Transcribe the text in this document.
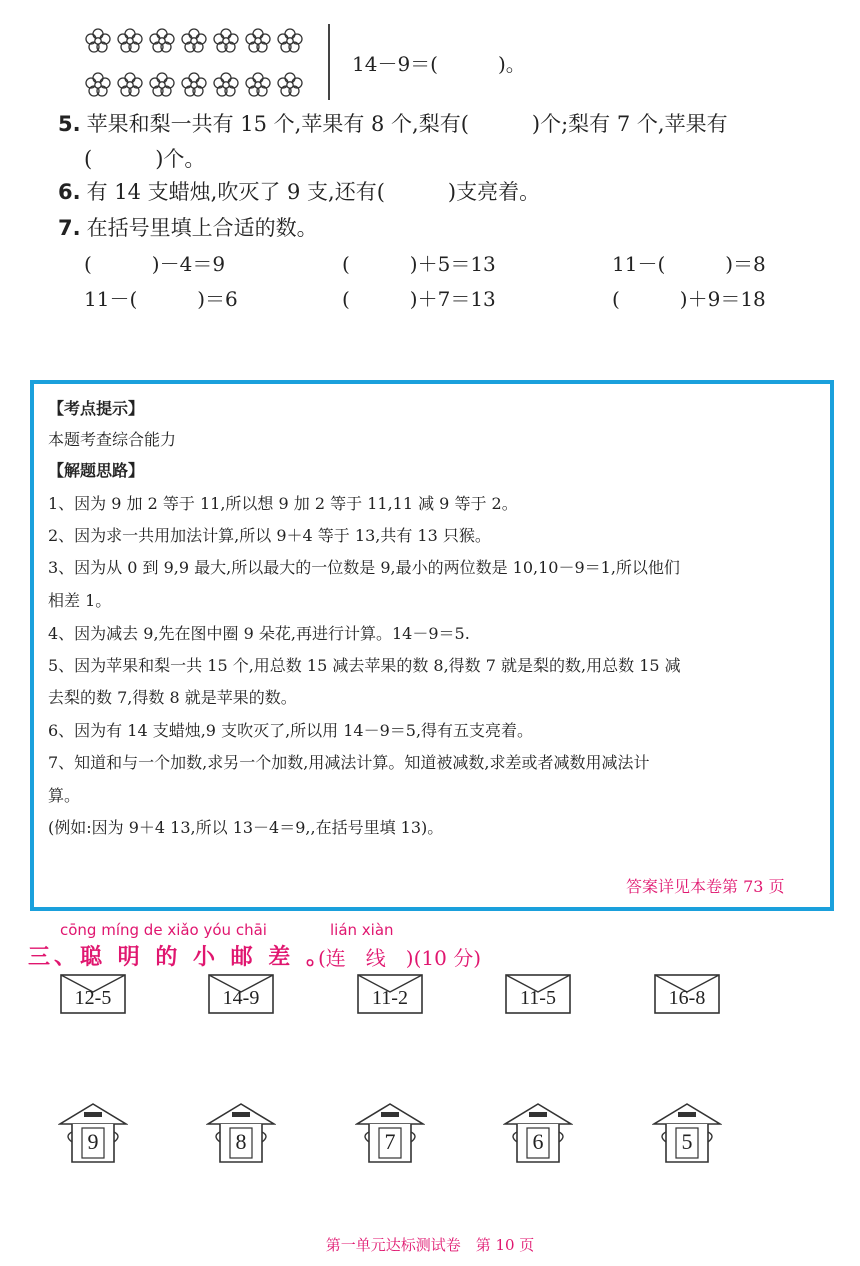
14－9＝(　　　)。
5. 苹果和梨一共有 15 个,苹果有 8 个,梨有(　　　)个;梨有 7 个,苹果有
(　　　)个。
6. 有 14 支蜡烛,吹灭了 9 支,还有(　　　)支亮着。
7. 在括号里填上合适的数。
(　　　)－4＝9	(　　　)＋5＝13	11－(　　　)＝8
11－(　　　)＝6	(　　　)＋7＝13	(　　　)＋9＝18
【考点提示】
本题考查综合能力
【解题思路】
1、因为 9 加 2 等于 11,所以想 9 加 2 等于 11,11 减 9 等于 2。
2、因为求一共用加法计算,所以 9＋4 等于 13,共有 13 只猴。
3、因为从 0 到 9,9 最大,所以最大的一位数是 9,最小的两位数是 10,10－9＝1,所以他们
相差 1。
4、因为减去 9,先在图中圈 9 朵花,再进行计算。14－9＝5.
5、因为苹果和梨一共 15 个,用总数 15 减去苹果的数 8,得数 7 就是梨的数,用总数 15 减
去梨的数 7,得数 8 就是苹果的数。
6、因为有 14 支蜡烛,9 支吹灭了,所以用 14－9＝5,得有五支亮着。
7、知道和与一个加数,求另一个加数,用减法计算。知道被减数,求差或者减数用减法计
算。
(例如:因为 9＋4 13,所以 13－4＝9,,在括号里填 13)。
答案详见本卷第 73 页
cōng míng de xiǎo yóu chāi	lián xiàn
三、聪 明 的 小 邮 差 。
(连　线　)(10 分)
12-5	14-9	11-2	11-5	16-8
9	8	7	6	5
第一单元达标测试卷　第 10 页
